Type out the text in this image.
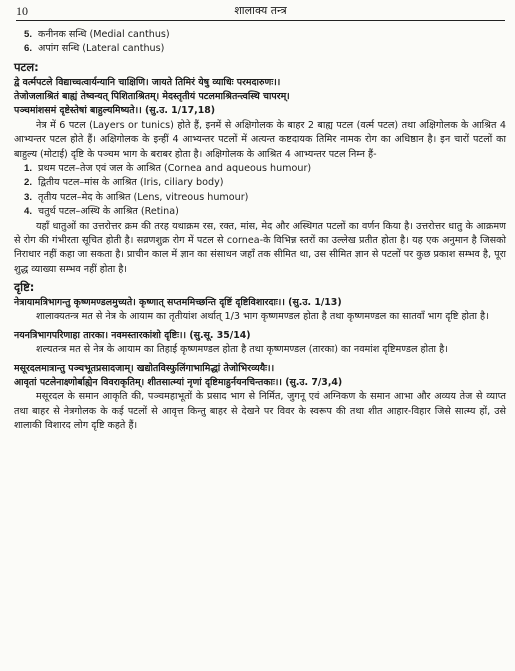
10	शालाक्य तन्त्र
5. कनीनक सन्धि (Medial canthus)
6. अपांग सन्धि (Lateral canthus)
पटल:
द्वे वर्त्मपटले विद्याच्चत्वार्यन्यानि चाक्षिणि। जायते तिमिरं येषु व्याधिः परमदारुणः।।
तेजोजलाश्रितं बाह्यं तेष्वन्यत् पिशिताश्रितम्। मेदस्तृतीयं पटलमाश्रितन्त्वस्थि चापरम्।
पञ्चमांशसमं दृष्टेस्तेषां बाहुल्यमिष्यते।। (सु.उ. 1/17,18)

नेत्र में 6 पटल (Layers or tunics) होते हैं, इनमें से अक्षिगोलक के बाहर 2 बाह्य पटल (वर्त्म पटल) तथा अक्षिगोलक के आश्रित 4 आभ्यन्तर पटल होते हैं। अक्षिगोलक के इन्हीं 4 आभ्यन्तर पटलों में अत्यन्त कष्टदायक तिमिर नामक रोग का अधिष्ठान है। इन चारों पटलों का बाहुल्य (मोटाई) दृष्टि के पञ्चम भाग के बराबर होता है। अक्षिगोलक के आश्रित 4 आभ्यन्तर पटल निम्न हैं-

1. प्रथम पटल–तेज एवं जल के आश्रित (Cornea and aqueous humour)
2. द्वितीय पटल–मांस के आश्रित (Iris, ciliary body)
3. तृतीय पटल–मेद के आश्रित (Lens, vitreous humour)
4. चतुर्थ पटल–अस्थि के आश्रित (Retina)

यहाँ धातुओं का उत्तरोत्तर क्रम की तरह यथाक्रम रस, रक्त, मांस, मेद और अस्थिगत पटलों का वर्णन किया है। उत्तरोत्तर धातु के आक्रमण से रोग की गंभीरता सूचित होती है। सव्रणशुक्र रोग में पटल से cornea-के विभिन्न स्तरों का उल्लेख प्रतीत होता है। यह एक अनुमान है जिसको निराधार नहीं कहा जा सकता है। प्राचीन काल में ज्ञान का संसाधन जहाँ तक सीमित था, उस सीमित ज्ञान से पटलों पर कुछ प्रकाश सम्भव है, पूरा शुद्ध व्याख्या सम्भव नहीं होता है।

दृष्टि:
नेत्रायामत्रिभागन्तु कृष्णमण्डलमुच्यते। कृष्णात् सप्तममिच्छन्ति दृष्टिं दृष्टिविशारदाः।। (सु.उ. 1/13)

शालाक्यतन्त्र मत से नेत्र के आयाम का तृतीयांश अर्थात् 1/3 भाग कृष्णमण्डल होता है तथा कृष्णमण्डल का सातवाँ भाग दृष्टि होता है।

नयनत्रिभागपरिणाहा तारका। नवमस्तारकांशो दृष्टिः।। (सु.सू. 35/14)

शल्यतन्त्र मत से नेत्र के आयाम का तिहाई कृष्णमण्डल होता है तथा कृष्णमण्डल (तारका) का नवमांश दृष्टिमण्डल होता है।

मसूरदलमात्रान्तु पञ्चभूतप्रसादजाम्। खद्योतविस्फुलिंगाभामिद्धां तेजोभिरव्ययैः।।
आवृतां पटलेनाक्ष्णोर्बाह्येन विवराकृतिम्। शीतसात्म्यां नृणां दृष्टिमाहुर्नयनचिन्तकाः।। (सु.उ. 7/3,4)

मसूरदल के समान आकृति की, पञ्चमहाभूतों के प्रसाद भाग से निर्मित, जुगनू एवं अग्निकण के समान आभा और अव्यय तेज से व्याप्त तथा बाहर से नेत्रगोलक के कई पटलों से आवृत्त किन्तु बाहर से देखने पर विवर के स्वरूप की तथा शीत आहार-विहार जिसे सात्म्य हों, उसे शालाकी विशारद लोग दृष्टि कहते हैं।
